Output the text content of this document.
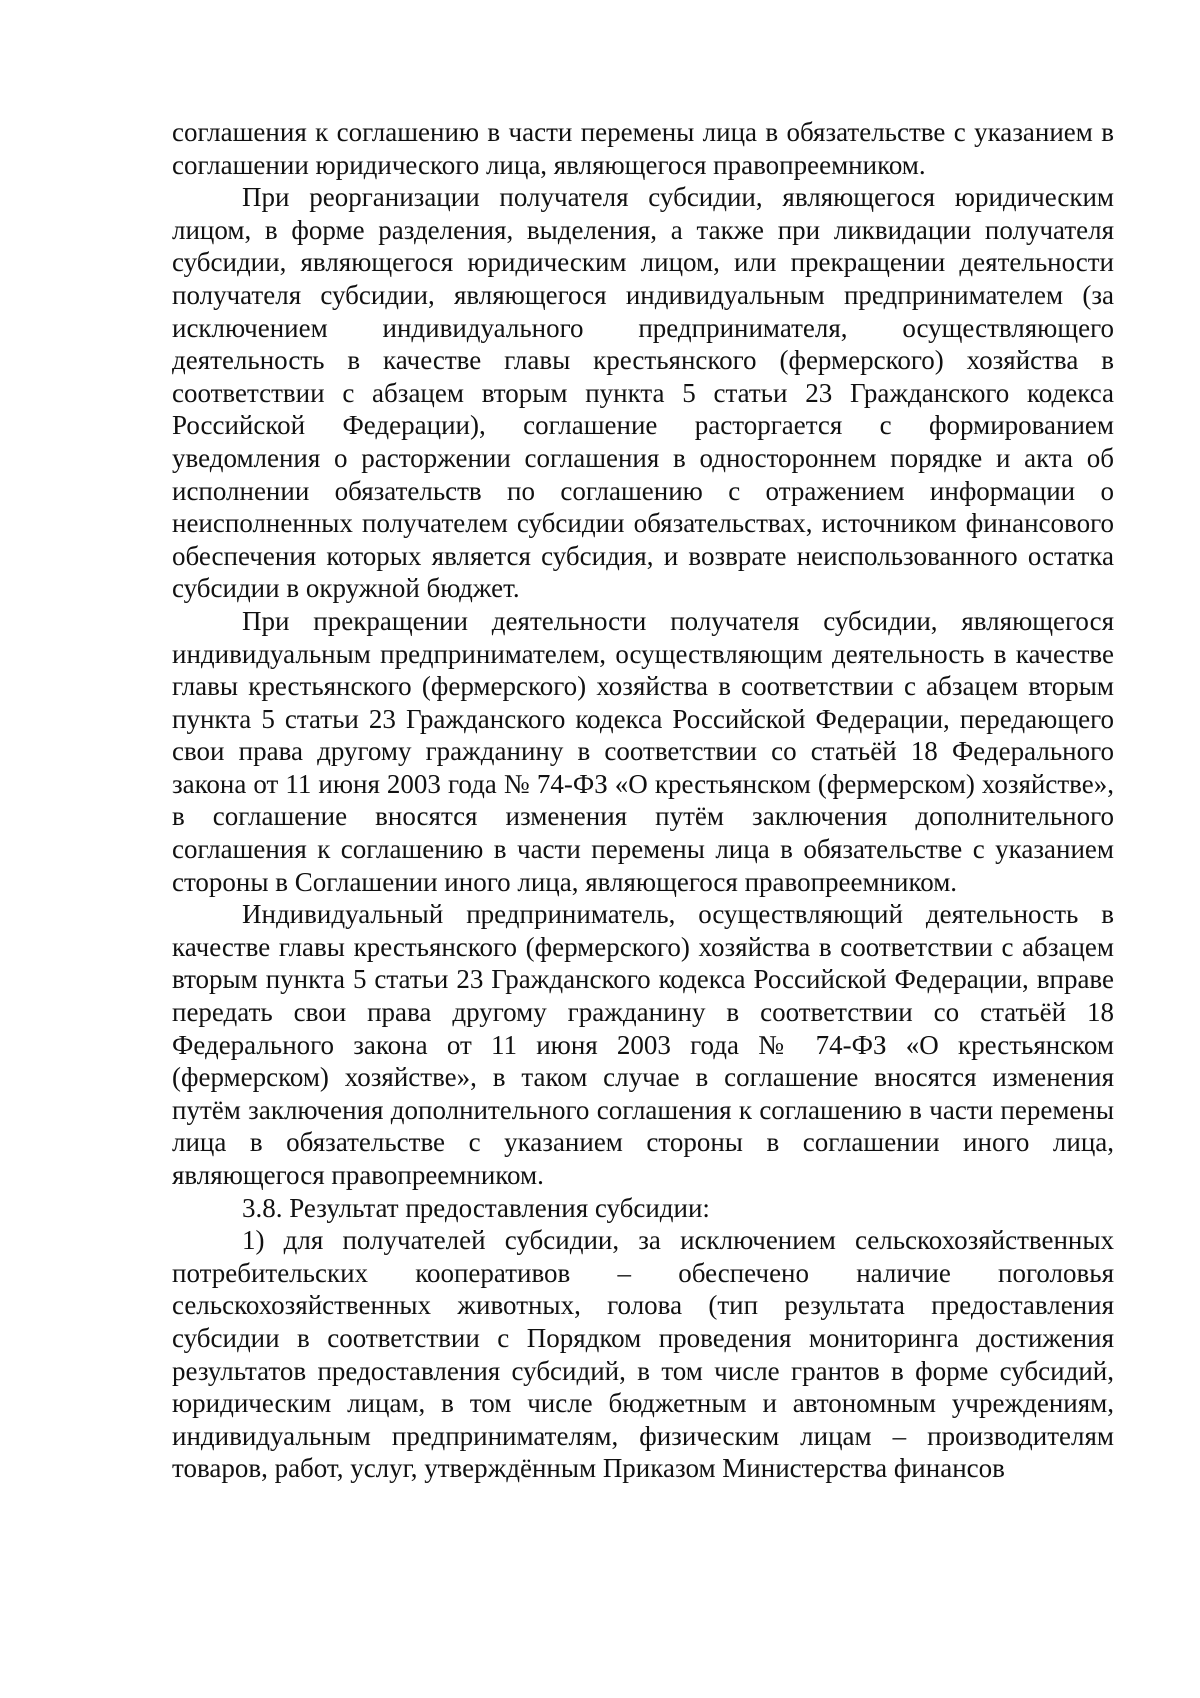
соглашения к соглашению в части перемены лица в обязательстве с указанием в соглашении юридического лица, являющегося правопреемником.

При реорганизации получателя субсидии, являющегося юридическим лицом, в форме разделения, выделения, а также при ликвидации получателя субсидии, являющегося юридическим лицом, или прекращении деятельности получателя субсидии, являющегося индивидуальным предпринимателем (за исключением индивидуального предпринимателя, осуществляющего деятельность в качестве главы крестьянского (фермерского) хозяйства в соответствии с абзацем вторым пункта 5 статьи 23 Гражданского кодекса Российской Федерации), соглашение расторгается с формированием уведомления о расторжении соглашения в одностороннем порядке и акта об исполнении обязательств по соглашению с отражением информации о неисполненных получателем субсидии обязательствах, источником финансового обеспечения которых является субсидия, и возврате неиспользованного остатка субсидии в окружной бюджет.

При прекращении деятельности получателя субсидии, являющегося индивидуальным предпринимателем, осуществляющим деятельность в качестве главы крестьянского (фермерского) хозяйства в соответствии с абзацем вторым пункта 5 статьи 23 Гражданского кодекса Российской Федерации, передающего свои права другому гражданину в соответствии со статьёй 18 Федерального закона от 11 июня 2003 года № 74-ФЗ «О крестьянском (фермерском) хозяйстве», в соглашение вносятся изменения путём заключения дополнительного соглашения к соглашению в части перемены лица в обязательстве с указанием стороны в Соглашении иного лица, являющегося правопреемником.

Индивидуальный предприниматель, осуществляющий деятельность в качестве главы крестьянского (фермерского) хозяйства в соответствии с абзацем вторым пункта 5 статьи 23 Гражданского кодекса Российской Федерации, вправе передать свои права другому гражданину в соответствии со статьёй 18 Федерального закона от 11 июня 2003 года № 74-ФЗ «О крестьянском (фермерском) хозяйстве», в таком случае в соглашение вносятся изменения путём заключения дополнительного соглашения к соглашению в части перемены лица в обязательстве с указанием стороны в соглашении иного лица, являющегося правопреемником.

3.8. Результат предоставления субсидии:

1) для получателей субсидии, за исключением сельскохозяйственных потребительских кооперативов – обеспечено наличие поголовья сельскохозяйственных животных, голова (тип результата предоставления субсидии в соответствии с Порядком проведения мониторинга достижения результатов предоставления субсидий, в том числе грантов в форме субсидий, юридическим лицам, в том числе бюджетным и автономным учреждениям, индивидуальным предпринимателям, физическим лицам – производителям товаров, работ, услуг, утверждённым Приказом Министерства финансов
